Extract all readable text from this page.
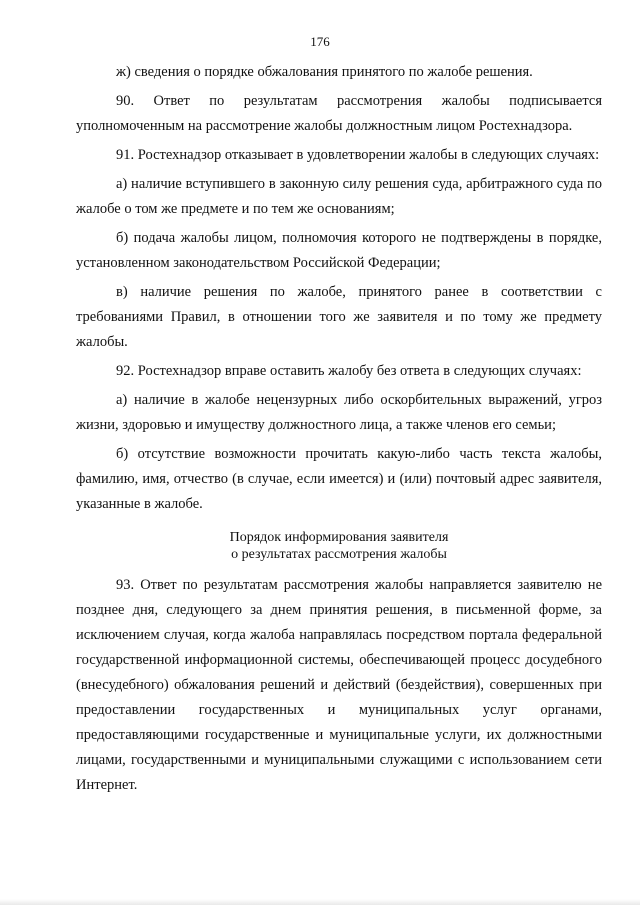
176

ж) сведения о порядке обжалования принятого по жалобе решения.

90. Ответ по результатам рассмотрения жалобы подписывается уполномоченным на рассмотрение жалобы должностным лицом Ростехнадзора.

91. Ростехнадзор отказывает в удовлетворении жалобы в следующих случаях:

а) наличие вступившего в законную силу решения суда, арбитражного суда по жалобе о том же предмете и по тем же основаниям;

б) подача жалобы лицом, полномочия которого не подтверждены в порядке, установленном законодательством Российской Федерации;

в) наличие решения по жалобе, принятого ранее в соответствии с требованиями Правил, в отношении того же заявителя и по тому же предмету жалобы.

92. Ростехнадзор вправе оставить жалобу без ответа в следующих случаях:

а) наличие в жалобе нецензурных либо оскорбительных выражений, угроз жизни, здоровью и имуществу должностного лица, а также членов его семьи;

б) отсутствие возможности прочитать какую-либо часть текста жалобы, фамилию, имя, отчество (в случае, если имеется) и (или) почтовый адрес заявителя, указанные в жалобе.

Порядок информирования заявителя
о результатах рассмотрения жалобы

93. Ответ по результатам рассмотрения жалобы направляется заявителю не позднее дня, следующего за днем принятия решения, в письменной форме, за исключением случая, когда жалоба направлялась посредством портала федеральной государственной информационной системы, обеспечивающей процесс досудебного (внесудебного) обжалования решений и действий (бездействия), совершенных при предоставлении государственных и муниципальных услуг органами, предоставляющими государственные и муниципальные услуги, их должностными лицами, государственными и муниципальными служащими с использованием сети Интернет.
